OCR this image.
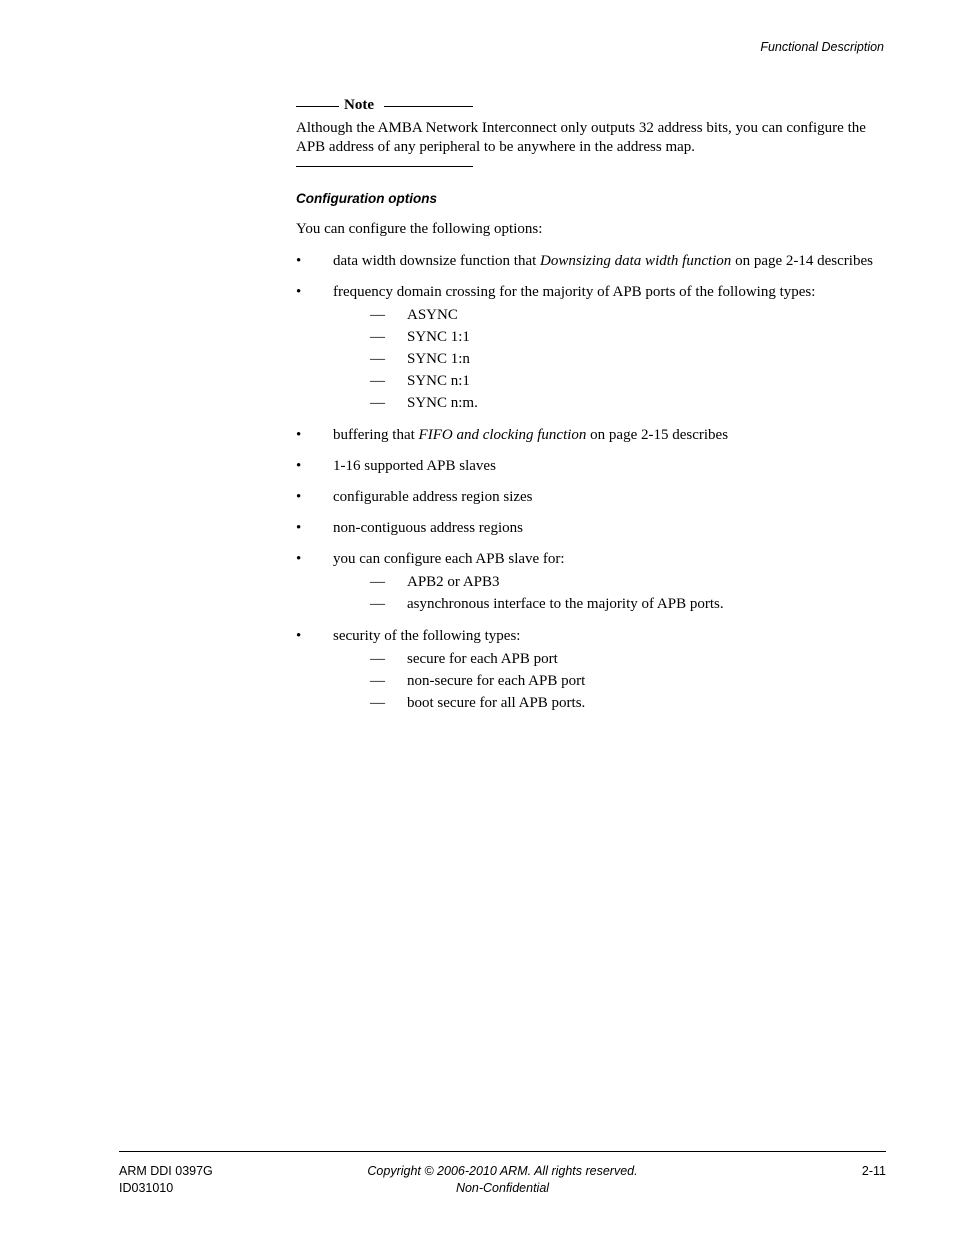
Functional Description
Note
Although the AMBA Network Interconnect only outputs 32 address bits, you can configure the APB address of any peripheral to be anywhere in the address map.
Configuration options
You can configure the following options:
• data width downsize function that Downsizing data width function on page 2-14 describes
• frequency domain crossing for the majority of APB ports of the following types:
— ASYNC
— SYNC 1:1
— SYNC 1:n
— SYNC n:1
— SYNC n:m.
• buffering that FIFO and clocking function on page 2-15 describes
• 1-16 supported APB slaves
• configurable address region sizes
• non-contiguous address regions
• you can configure each APB slave for:
— APB2 or APB3
— asynchronous interface to the majority of APB ports.
• security of the following types:
— secure for each APB port
— non-secure for each APB port
— boot secure for all APB ports.
ARM DDI 0397G
ID031010
Copyright © 2006-2010 ARM. All rights reserved.
Non-Confidential
2-11
